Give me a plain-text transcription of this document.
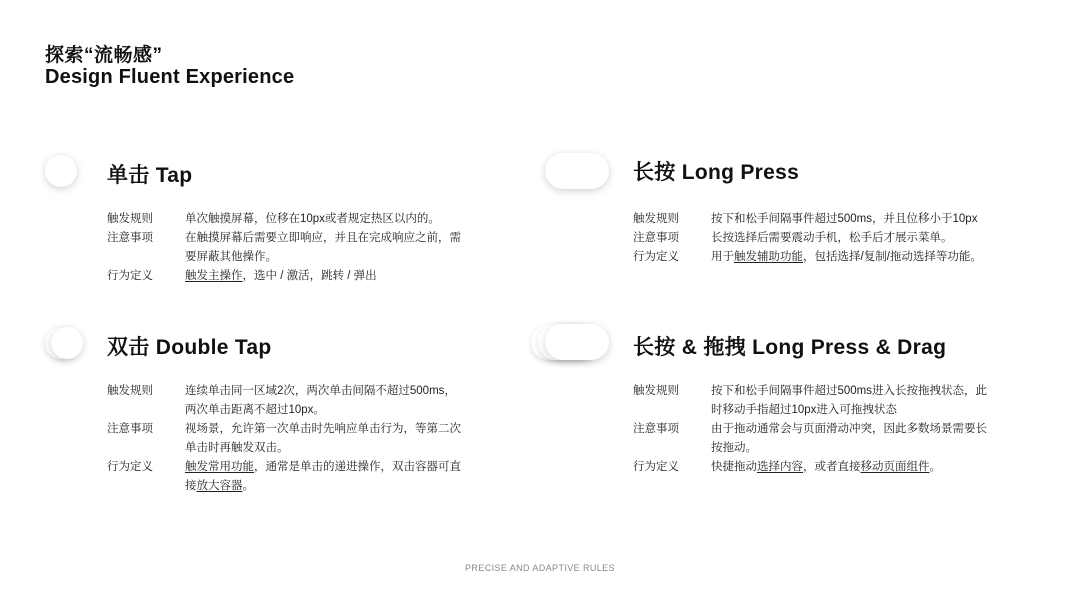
探索“流畅感”
Design Fluent Experience
单击 Tap
触发规则	单次触摸屏幕，位移在10px或者规定热区以内的。
注意事项	在触摸屏幕后需要立即响应，并且在完成响应之前，需要屏蔽其他操作。
行为定义	触发主操作，选中 / 激活，跳转 / 弹出
长按 Long Press
触发规则	按下和松手间隔事件超过500ms，并且位移小于10px
注意事项	长按选择后需要震动手机，松手后才展示菜单。
行为定义	用于触发辅助功能，包括选择/复制/拖动选择等功能。
双击 Double Tap
触发规则	连续单击同一区域2次，两次单击间隔不超过500ms，两次单击距离不超过10px。
注意事项	视场景，允许第一次单击时先响应单击行为，等第二次单击时再触发双击。
行为定义	触发常用功能，通常是单击的递进操作，双击容器可直接放大容器。
长按 & 拖拽 Long Press & Drag
触发规则	按下和松手间隔事件超过500ms进入长按拖拽状态，此时移动手指超过10px进入可拖拽状态
注意事项	由于拖动通常会与页面滑动冲突，因此多数场景需要长按拖动。
行为定义	快捷拖动选择内容，或者直接移动页面组件。
PRECISE AND ADAPTIVE RULES
